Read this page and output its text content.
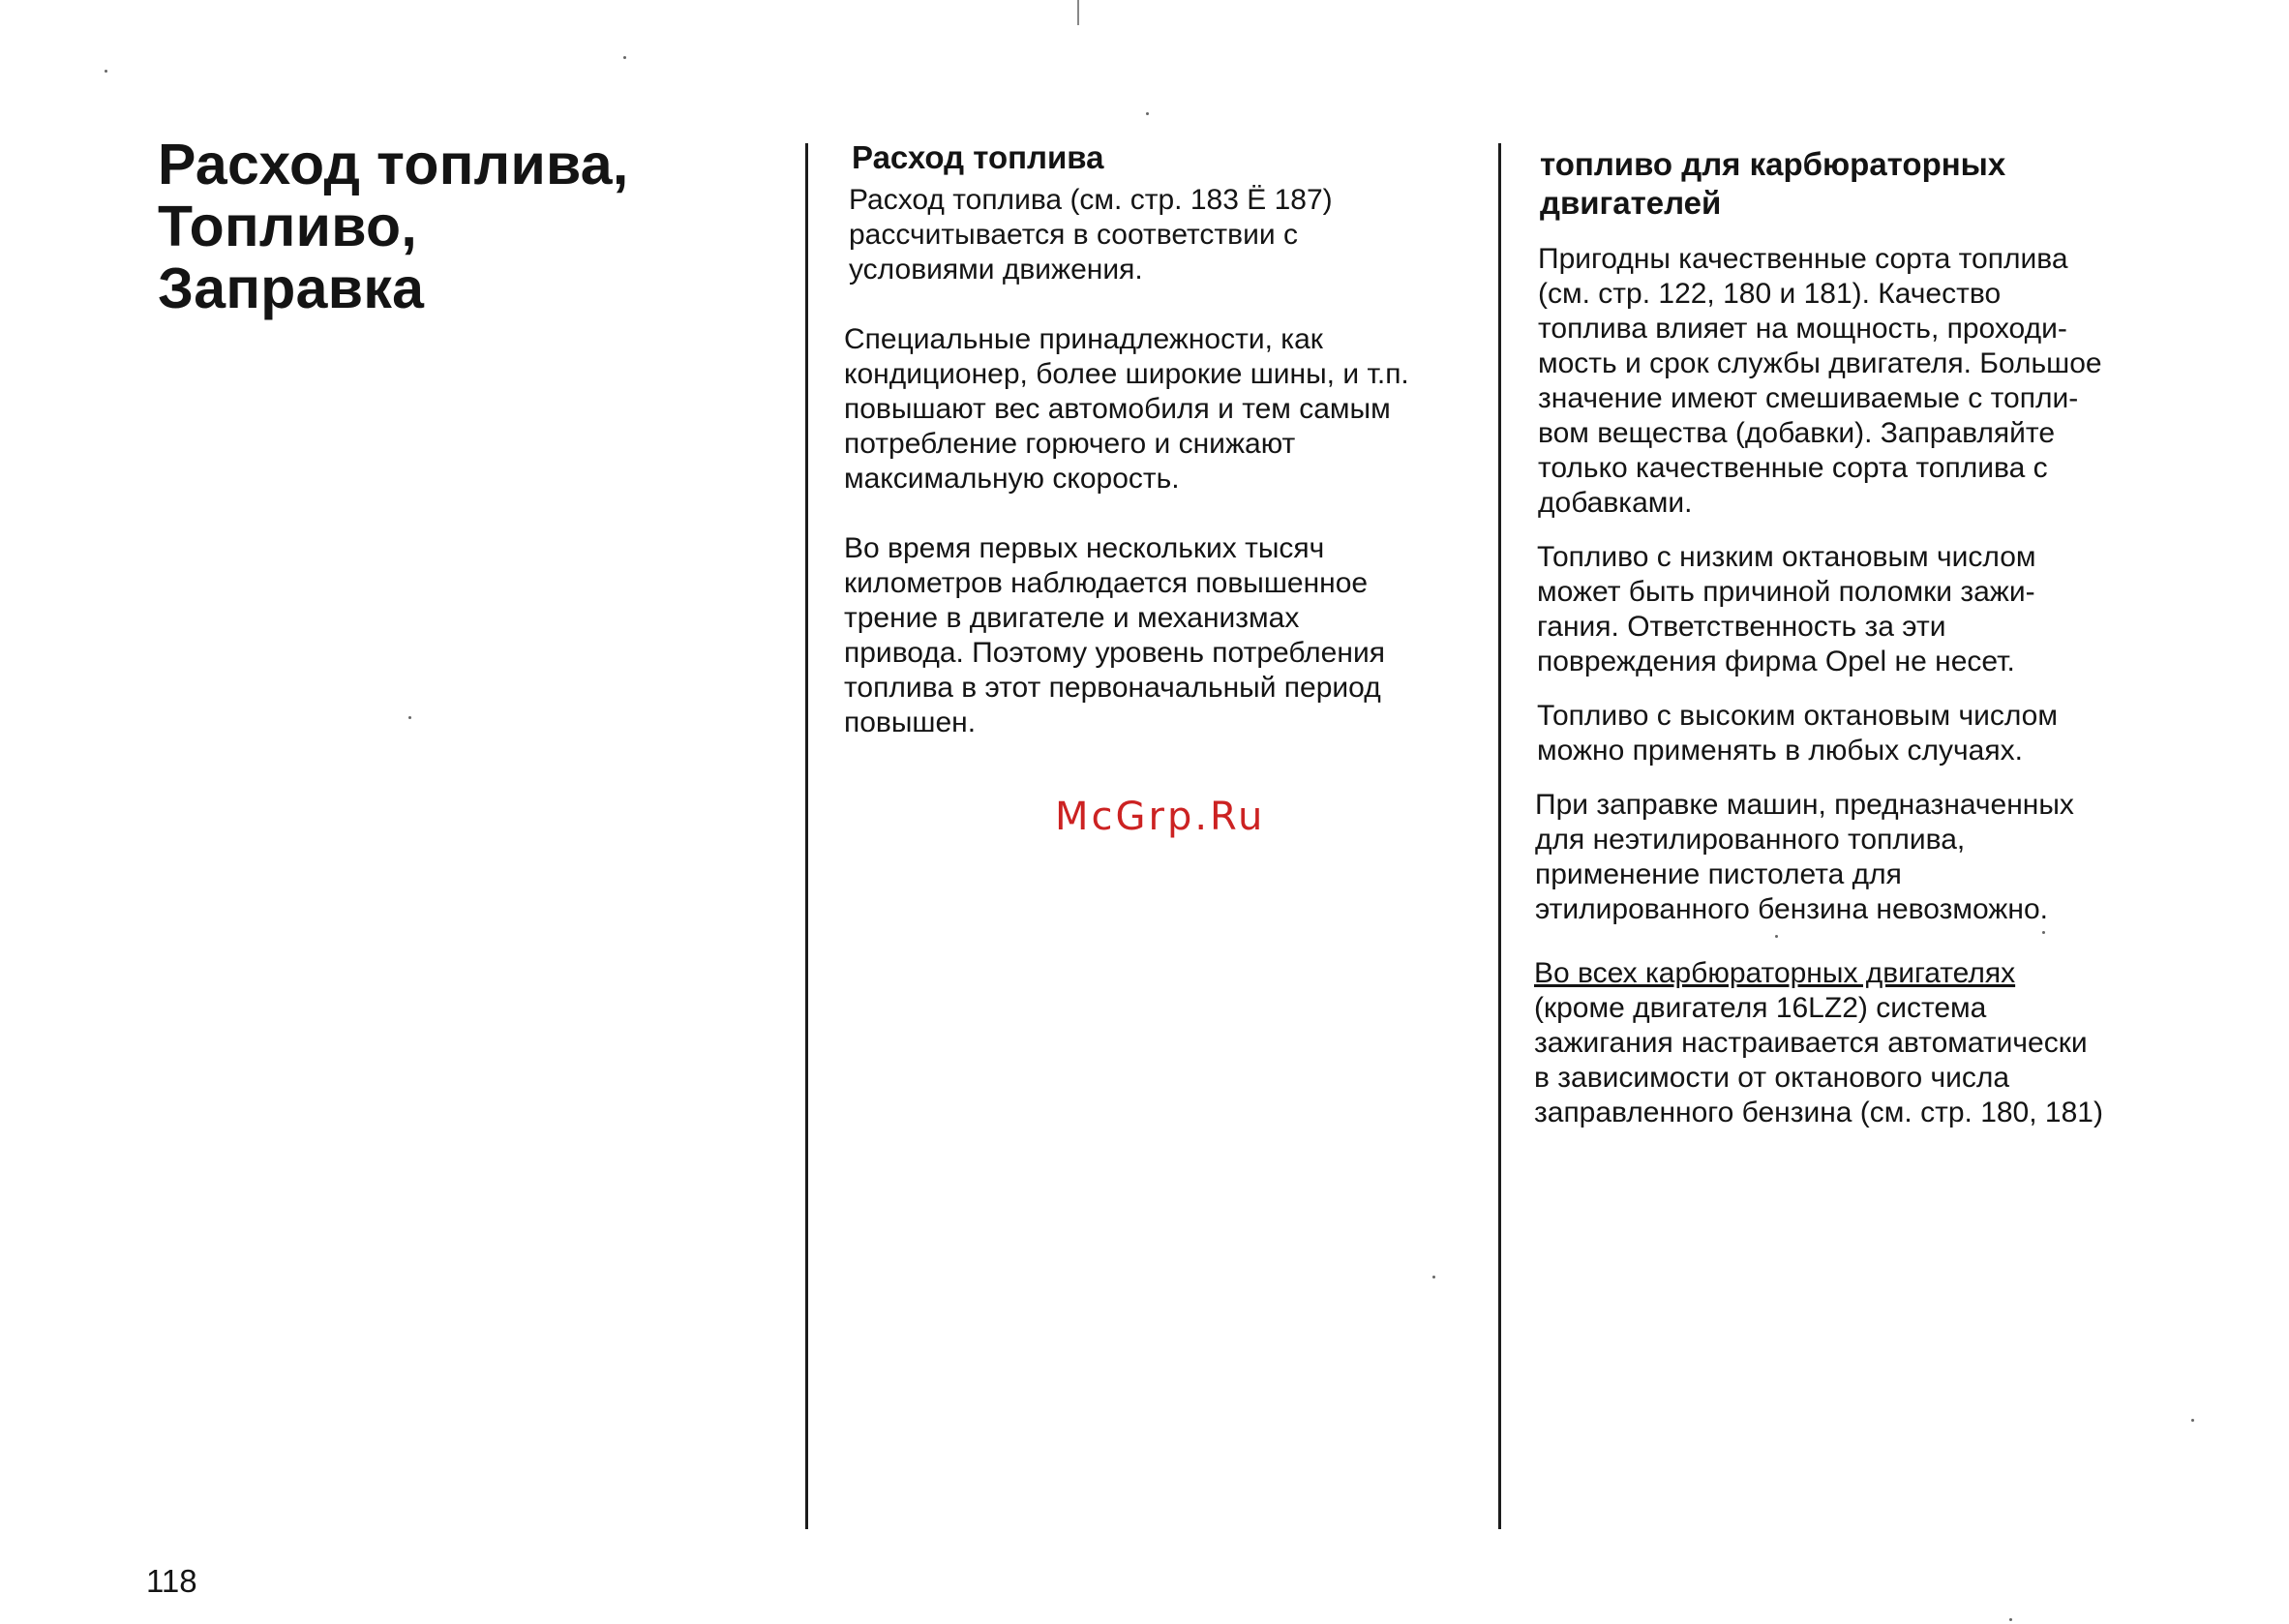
Расход топлива,
Топливо,
Заправка
Расход топлива

Расход топлива (см. стр. 183 Ё 187)
рассчитывается в соответствии с
условиями движения.

Специальные принадлежности, как
кондиционер, более широкие шины, и т.п.
повышают вес автомобиля и тем самым
потребление горючего и снижают
максимальную скорость.

Во время первых нескольких тысяч
километров наблюдается повышенное
трение в двигателе и механизмах
привода. Поэтому уровень потребления
топлива в этот первоначальный период
повышен.

McGrp.Ru
топливо для карбюраторных
двигателей

Пригодны качественные сорта топлива
(см. стр. 122, 180 и 181). Качество
топлива влияет на мощность, проходи-
мость и срок службы двигателя. Большое
значение имеют смешиваемые с топли-
вом вещества (добавки). Заправляйте
только качественные сорта топлива с
добавками.

Топливо с низким октановым числом
может быть причиной поломки зажи-
гания. Ответственность за эти
повреждения фирма Opel не несет.

Топливо с высоким октановым числом
можно применять в любых случаях.

При заправке машин, предназначенных
для неэтилированного топлива,
применение пистолета для
этилированного бензина невозможно.

Во всех карбюраторных двигателях
(кроме двигателя 16LZ2) система
зажигания настраивается автоматически
в зависимости от октанового числа
заправленного бензина (см. стр. 180, 181)

118
